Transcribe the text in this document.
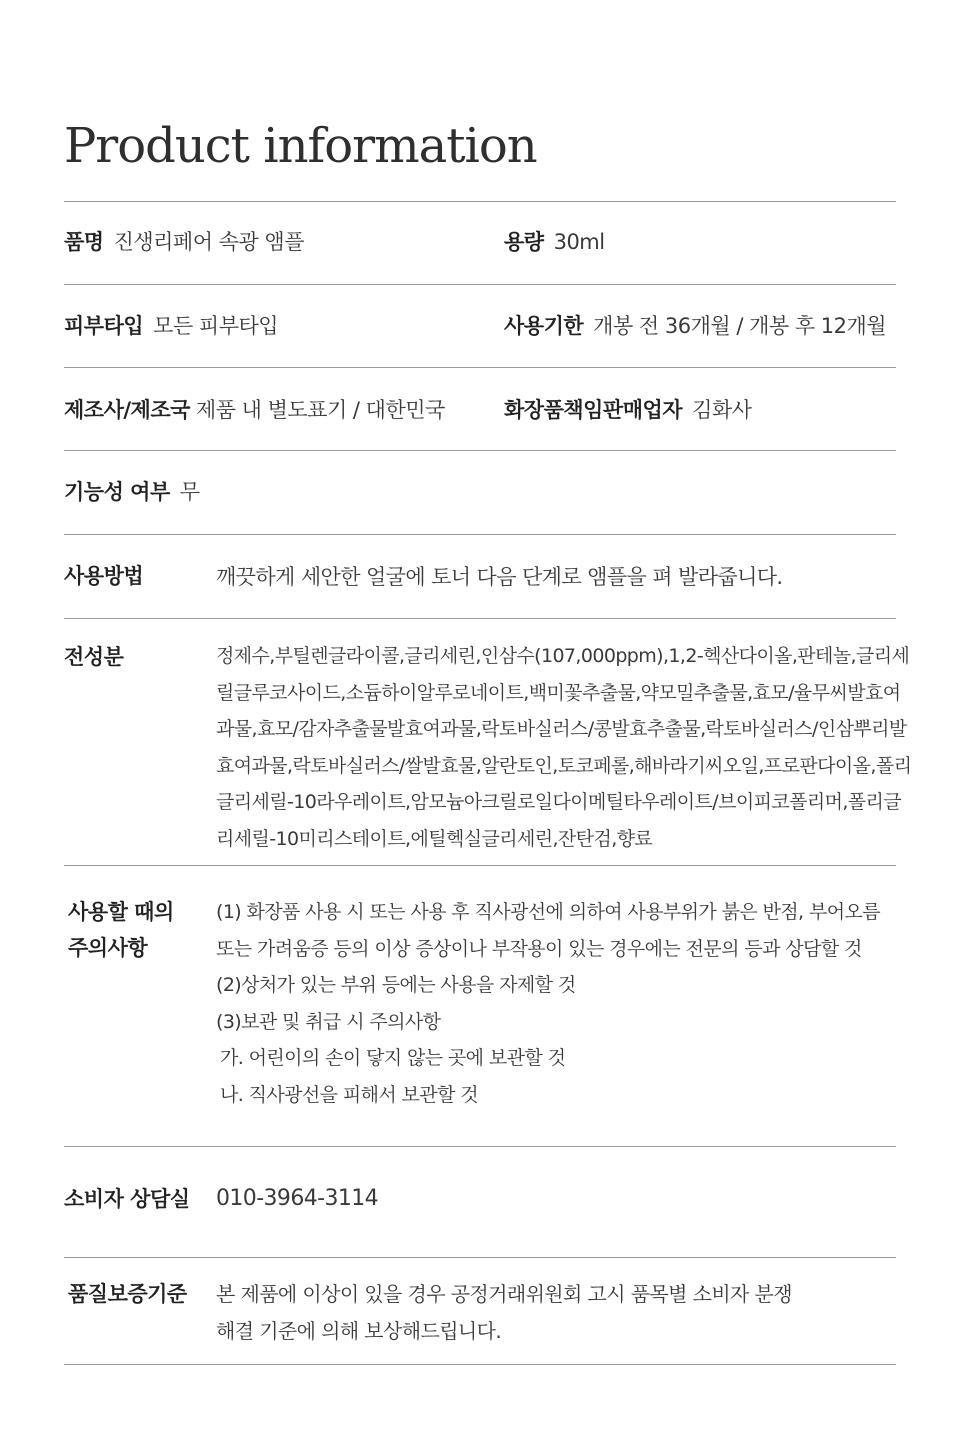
Product information
품명 진생리페어 속광 앰플	용량 30ml
피부타입 모든 피부타입	사용기한 개봉 전 36개월 / 개봉 후 12개월
제조사/제조국 제품 내 별도표기 / 대한민국	화장품책임판매업자 김화사
기능성 여부 무
사용방법	깨끗하게 세안한 얼굴에 토너 다음 단계로 앰플을 펴 발라줍니다.
전성분	정제수,부틸렌글라이콜,글리세린,인삼수(107,000ppm),1,2-헥산다이올,판테놀,글리세릴글루코사이드,소듐하이알루로네이트,백미꽃추출물,약모밀추출물,효모/율무씨발효여과물,효모/감자추출물발효여과물,락토바실러스/콩발효추출물,락토바실러스/인삼뿌리발효여과물,락토바실러스/쌀발효물,알란토인,토코페롤,해바라기씨오일,프로판다이올,폴리글리세릴-10라우레이트,암모늄아크릴로일다이메틸타우레이트/브이피코폴리머,폴리글리세릴-10미리스테이트,에틸헥실글리세린,잔탄검,향료
사용할 때의
주의사항
(1) 화장품 사용 시 또는 사용 후 직사광선에 의하여 사용부위가 붉은 반점, 부어오름
또는 가려움증 등의 이상 증상이나 부작용이 있는 경우에는 전문의 등과 상담할 것
(2)상처가 있는 부위 등에는 사용을 자제할 것
(3)보관 및 취급 시 주의사항
가. 어린이의 손이 닿지 않는 곳에 보관할 것
나. 직사광선을 피해서 보관할 것
소비자 상담실	010-3964-3114
품질보증기준	본 제품에 이상이 있을 경우 공정거래위원회 고시 품목별 소비자 분쟁
해결 기준에 의해 보상해드립니다.
